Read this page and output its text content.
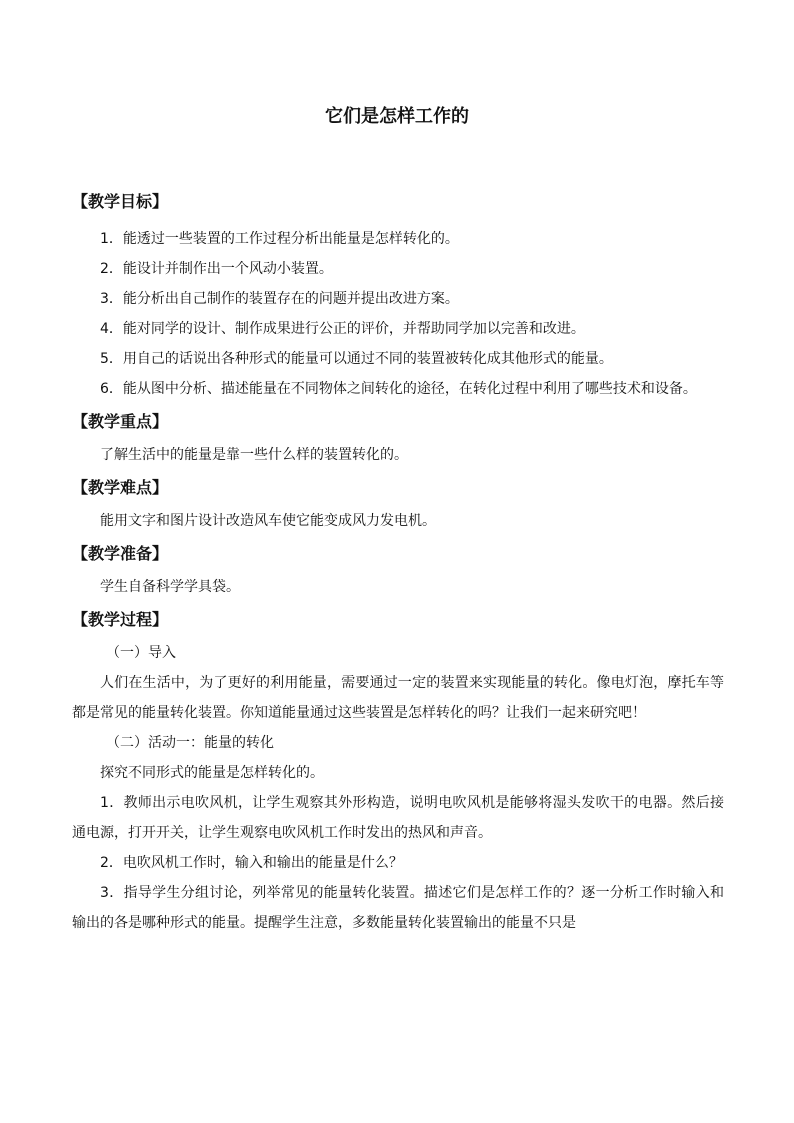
它们是怎样工作的
【教学目标】
1．能透过一些装置的工作过程分析出能量是怎样转化的。
2．能设计并制作出一个风动小装置。
3．能分析出自己制作的装置存在的问题并提出改进方案。
4．能对同学的设计、制作成果进行公正的评价，并帮助同学加以完善和改进。
5．用自己的话说出各种形式的能量可以通过不同的装置被转化成其他形式的能量。
6．能从图中分析、描述能量在不同物体之间转化的途径，在转化过程中利用了哪些技术和设备。
【教学重点】
了解生活中的能量是靠一些什么样的装置转化的。
【教学难点】
能用文字和图片设计改造风车使它能变成风力发电机。
【教学准备】
学生自备科学学具袋。
【教学过程】
（一）导入
人们在生活中，为了更好的利用能量，需要通过一定的装置来实现能量的转化。像电灯泡，摩托车等都是常见的能量转化装置。你知道能量通过这些装置是怎样转化的吗？让我们一起来研究吧！
（二）活动一：能量的转化
探究不同形式的能量是怎样转化的。
1．教师出示电吹风机，让学生观察其外形构造，说明电吹风机是能够将湿头发吹干的电器。然后接通电源，打开开关，让学生观察电吹风机工作时发出的热风和声音。
2．电吹风机工作时，输入和输出的能量是什么？
3．指导学生分组讨论，列举常见的能量转化装置。描述它们是怎样工作的？逐一分析工作时输入和输出的各是哪种形式的能量。提醒学生注意，多数能量转化装置输出的能量不只是
